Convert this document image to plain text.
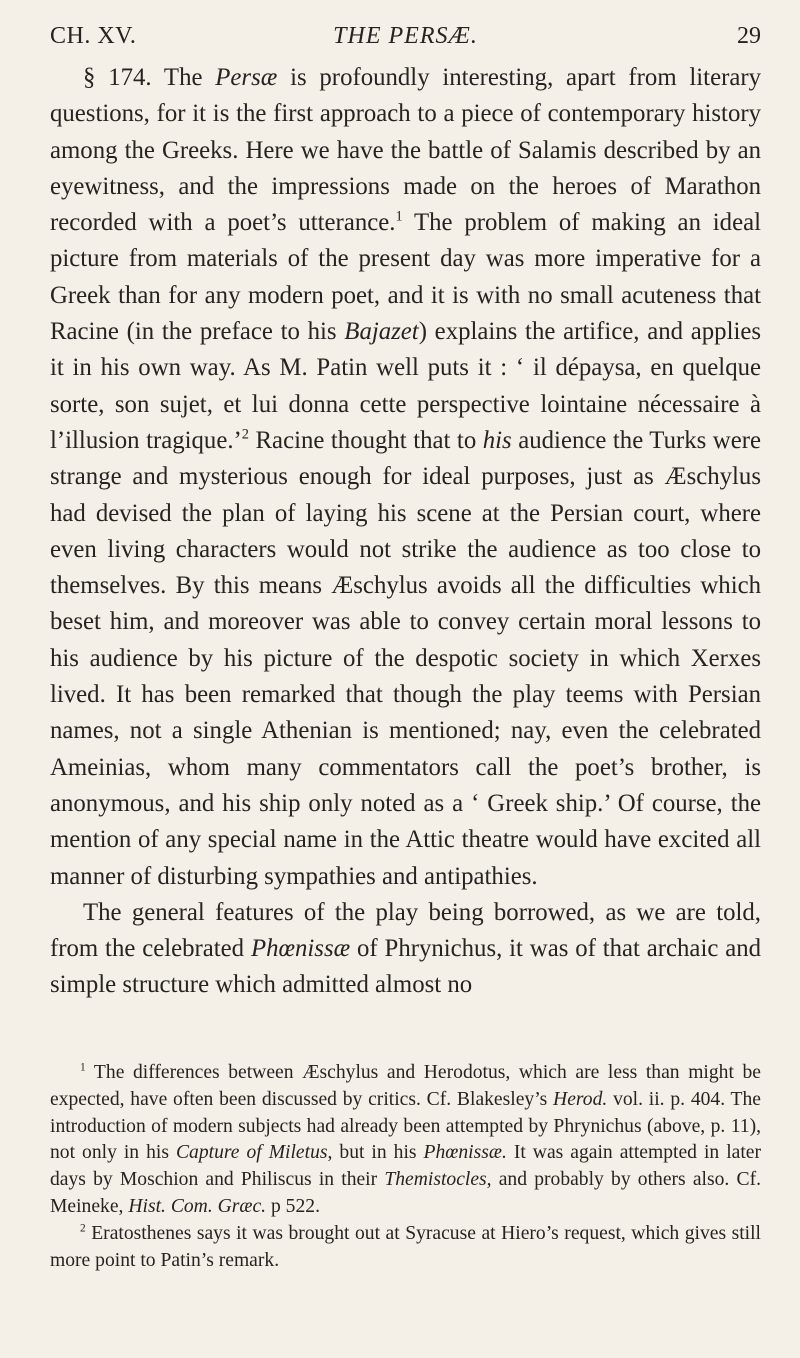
CH. XV.	THE PERSÆ.	29

§ 174. The Persæ is profoundly interesting, apart from literary questions, for it is the first approach to a piece of contemporary history among the Greeks. Here we have the battle of Salamis described by an eyewitness, and the impressions made on the heroes of Marathon recorded with a poet’s utterance.$^1$ The problem of making an ideal picture from materials of the present day was more imperative for a Greek than for any modern poet, and it is with no small acuteness that Racine (in the preface to his Bajazet) explains the artifice, and applies it in his own way. As M. Patin well puts it : ‘ il dépaysa, en quelque sorte, son sujet, et lui donna cette perspective lointaine nécessaire à l’illusion tragique.’$^2$ Racine thought that to his audience the Turks were strange and mysterious enough for ideal purposes, just as Æschylus had devised the plan of laying his scene at the Persian court, where even living characters would not strike the audience as too close to themselves. By this means Æschylus avoids all the difficulties which beset him, and moreover was able to convey certain moral lessons to his audience by his picture of the despotic society in which Xerxes lived. It has been remarked that though the play teems with Persian names, not a single Athenian is mentioned; nay, even the celebrated Ameinias, whom many commentators call the poet’s brother, is anonymous, and his ship only noted as a ‘ Greek ship.’ Of course, the mention of any special name in the Attic theatre would have excited all manner of disturbing sympathies and antipathies.

The general features of the play being borrowed, as we are told, from the celebrated Phœnissæ of Phrynichus, it was of that archaic and simple structure which admitted almost no

$^1$ The differences between Æschylus and Herodotus, which are less than might be expected, have often been discussed by critics. Cf. Blakesley’s Herod. vol. ii. p. 404. The introduction of modern subjects had already been attempted by Phrynichus (above, p. 11), not only in his Capture of Miletus, but in his Phœnissæ. It was again attempted in later days by Moschion and Philiscus in their Themistocles, and probably by others also. Cf. Meineke, Hist. Com. Græc. p 522.

$^2$ Eratosthenes says it was brought out at Syracuse at Hiero’s request, which gives still more point to Patin’s remark.
